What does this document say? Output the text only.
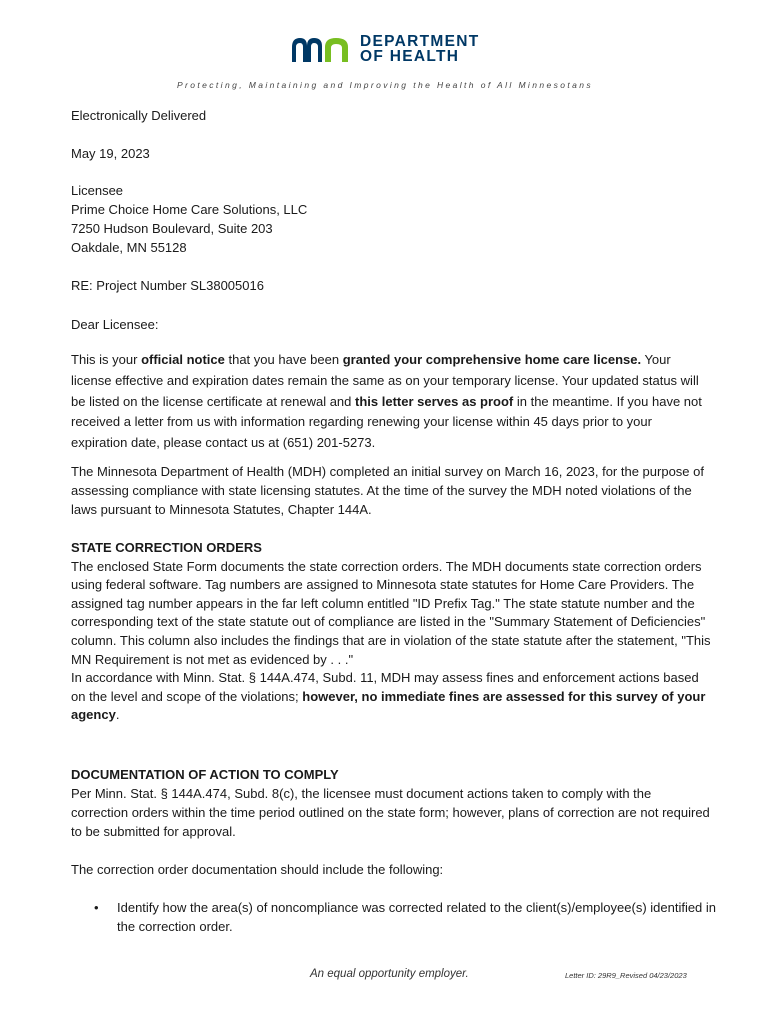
DEPARTMENT
OF HEALTH
Protecting, Maintaining and Improving the Health of All Minnesotans
Electronically Delivered
May 19, 2023
Licensee
Prime Choice Home Care Solutions, LLC
7250 Hudson Boulevard, Suite 203
Oakdale, MN 55128
RE: Project Number SL38005016
Dear Licensee:
This is your official notice that you have been granted your comprehensive home care license. Your license effective and expiration dates remain the same as on your temporary license. Your updated status will be listed on the license certificate at renewal and this letter serves as proof in the meantime. If you have not received a letter from us with information regarding renewing your license within 45 days prior to your expiration date, please contact us at (651) 201-5273.
The Minnesota Department of Health (MDH) completed an initial survey on March 16, 2023, for the purpose of assessing compliance with state licensing statutes. At the time of the survey the MDH noted violations of the laws pursuant to Minnesota Statutes, Chapter 144A.
STATE CORRECTION ORDERS
The enclosed State Form documents the state correction orders. The MDH documents state correction orders using federal software. Tag numbers are assigned to Minnesota state statutes for Home Care Providers. The assigned tag number appears in the far left column entitled "ID Prefix Tag." The state statute number and the corresponding text of the state statute out of compliance are listed in the "Summary Statement of Deficiencies" column. This column also includes the findings that are in violation of the state statute after the statement, "This MN Requirement is not met as evidenced by . . ."
In accordance with Minn. Stat. § 144A.474, Subd. 11, MDH may assess fines and enforcement actions based on the level and scope of the violations; however, no immediate fines are assessed for this survey of your agency.
DOCUMENTATION OF ACTION TO COMPLY
Per Minn. Stat. § 144A.474, Subd. 8(c), the licensee must document actions taken to comply with the correction orders within the time period outlined on the state form; however, plans of correction are not required to be submitted for approval.
The correction order documentation should include the following:
• Identify how the area(s) of noncompliance was corrected related to the client(s)/employee(s) identified in the correction order.
An equal opportunity employer.	Letter ID: 29R9_Revised 04/23/2023
